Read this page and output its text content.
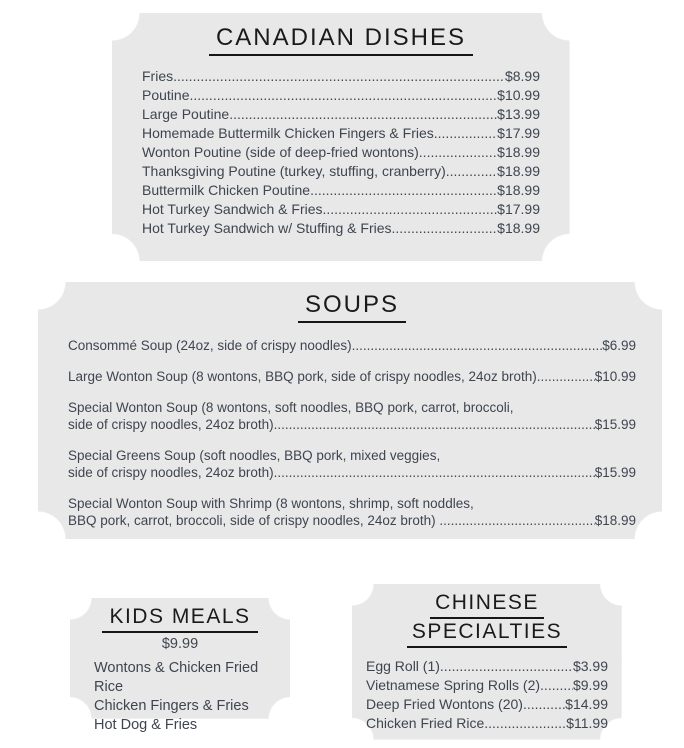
CANADIAN DISHES
Fries .....	$8.99
Poutine .....	$10.99
Large Poutine .....	$13.99
Homemade Buttermilk Chicken Fingers & Fries .....	$17.99
Wonton Poutine (side of deep-fried wontons) .....	$18.99
Thanksgiving Poutine (turkey, stuffing, cranberry) .....	$18.99
Buttermilk Chicken Poutine .....	$18.99
Hot Turkey Sandwich & Fries .....	$17.99
Hot Turkey Sandwich w/ Stuffing & Fries .....	$18.99
SOUPS
Consommé Soup (24oz, side of crispy noodles) .....	$6.99
Large Wonton Soup (8 wontons, BBQ pork, side of crispy noodles, 24oz broth) .....	$10.99
Special Wonton Soup (8 wontons, soft noodles, BBQ pork, carrot, broccoli,
side of crispy noodles, 24oz broth) .....	$15.99
Special Greens Soup (soft noodles, BBQ pork, mixed veggies,
side of crispy noodles, 24oz broth) .....	$15.99
Special Wonton Soup with Shrimp (8 wontons, shrimp, soft noddles,
BBQ pork, carrot, broccoli, side of crispy noodles, 24oz broth) .....	$18.99
KIDS MEALS
$9.99
Wontons & Chicken Fried Rice
Chicken Fingers & Fries
Hot Dog & Fries
CHINESE
SPECIALTIES
Egg Roll (1) .....	$3.99
Vietnamese Spring Rolls (2) ..... $9.99
Deep Fried Wontons (20) .....	$14.99
Chicken Fried Rice .....	$11.99
